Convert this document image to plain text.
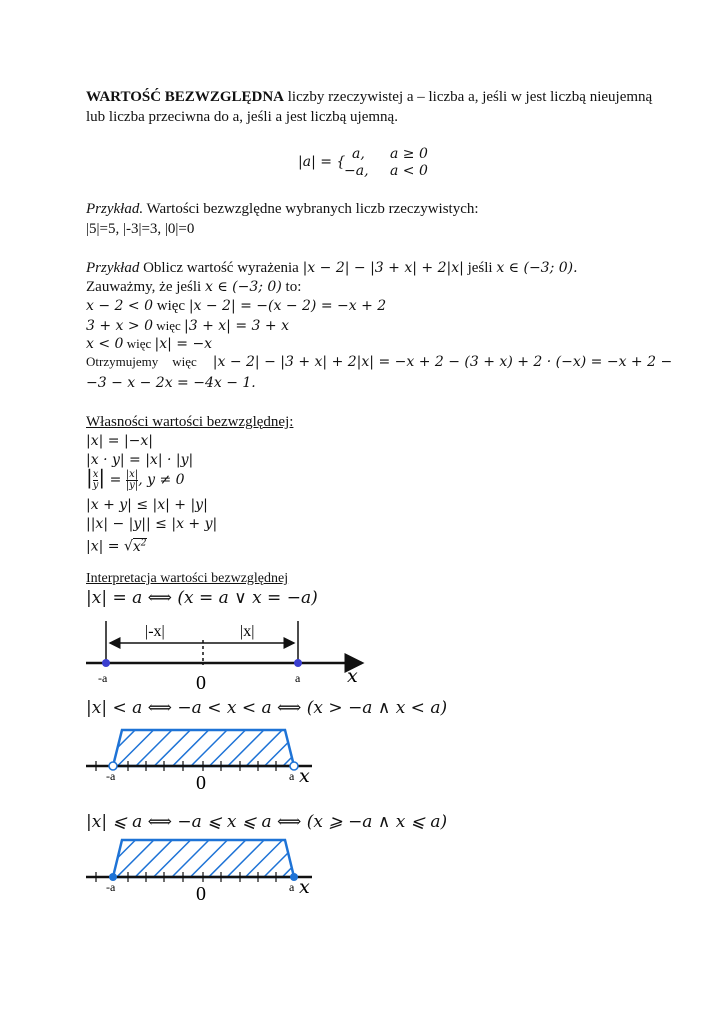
WARTOŚĆ BEZWZGLĘDNA liczby rzeczywistej a – liczba a, jeśli w jest liczbą nieujemną
lub liczba przeciwna do a, jeśli a jest liczbą ujemną.
|a| = { a, a ≥ 0
−a, a < 0
Przykład. Wartości bezwzględne wybranych liczb rzeczywistych:
|5|=5, |-3|=3, |0|=0
Przykład Oblicz wartość wyrażenia |x − 2| − |3 + x| + 2|x| jeśli x ∈ (−3; 0).
Zauważmy, że jeśli x ∈ (−3; 0) to:
x − 2 < 0 więc |x − 2| = −(x − 2) = −x + 2
3 + x > 0 więc |3 + x| = 3 + x
x < 0 więc |x| = −x
Otrzymujemy więc |x − 2| − |3 + x| + 2|x| = −x + 2 − (3 + x) + 2 · (−x) = −x + 2 −
−3 − x − 2x = −4x − 1.
Własności wartości bezwzględnej:
|x| = |−x|
|x · y| = |x| · |y|
| $\frac{x}{y}$ | = $\frac{|x|}{|y|}$ , y ≠ 0
|x + y| ≤ |x| + |y|
||x| − |y|| ≤ |x + y|
$|x| = √x^2$
Interpretacja wartości bezwzględnej
|x| = a ⟺ (x = a ∨ x = −a)
|-x|	|x|
-a	0	a x
-a	0	a x
-a	0	a x
|x| < a ⟺ −a < x < a ⟺ (x > −a ∧ x < a)
|x| ⩽ a ⟺ −a ⩽ x ⩽ a ⟺ (x ⩾ −a ∧ x ⩽ a)
